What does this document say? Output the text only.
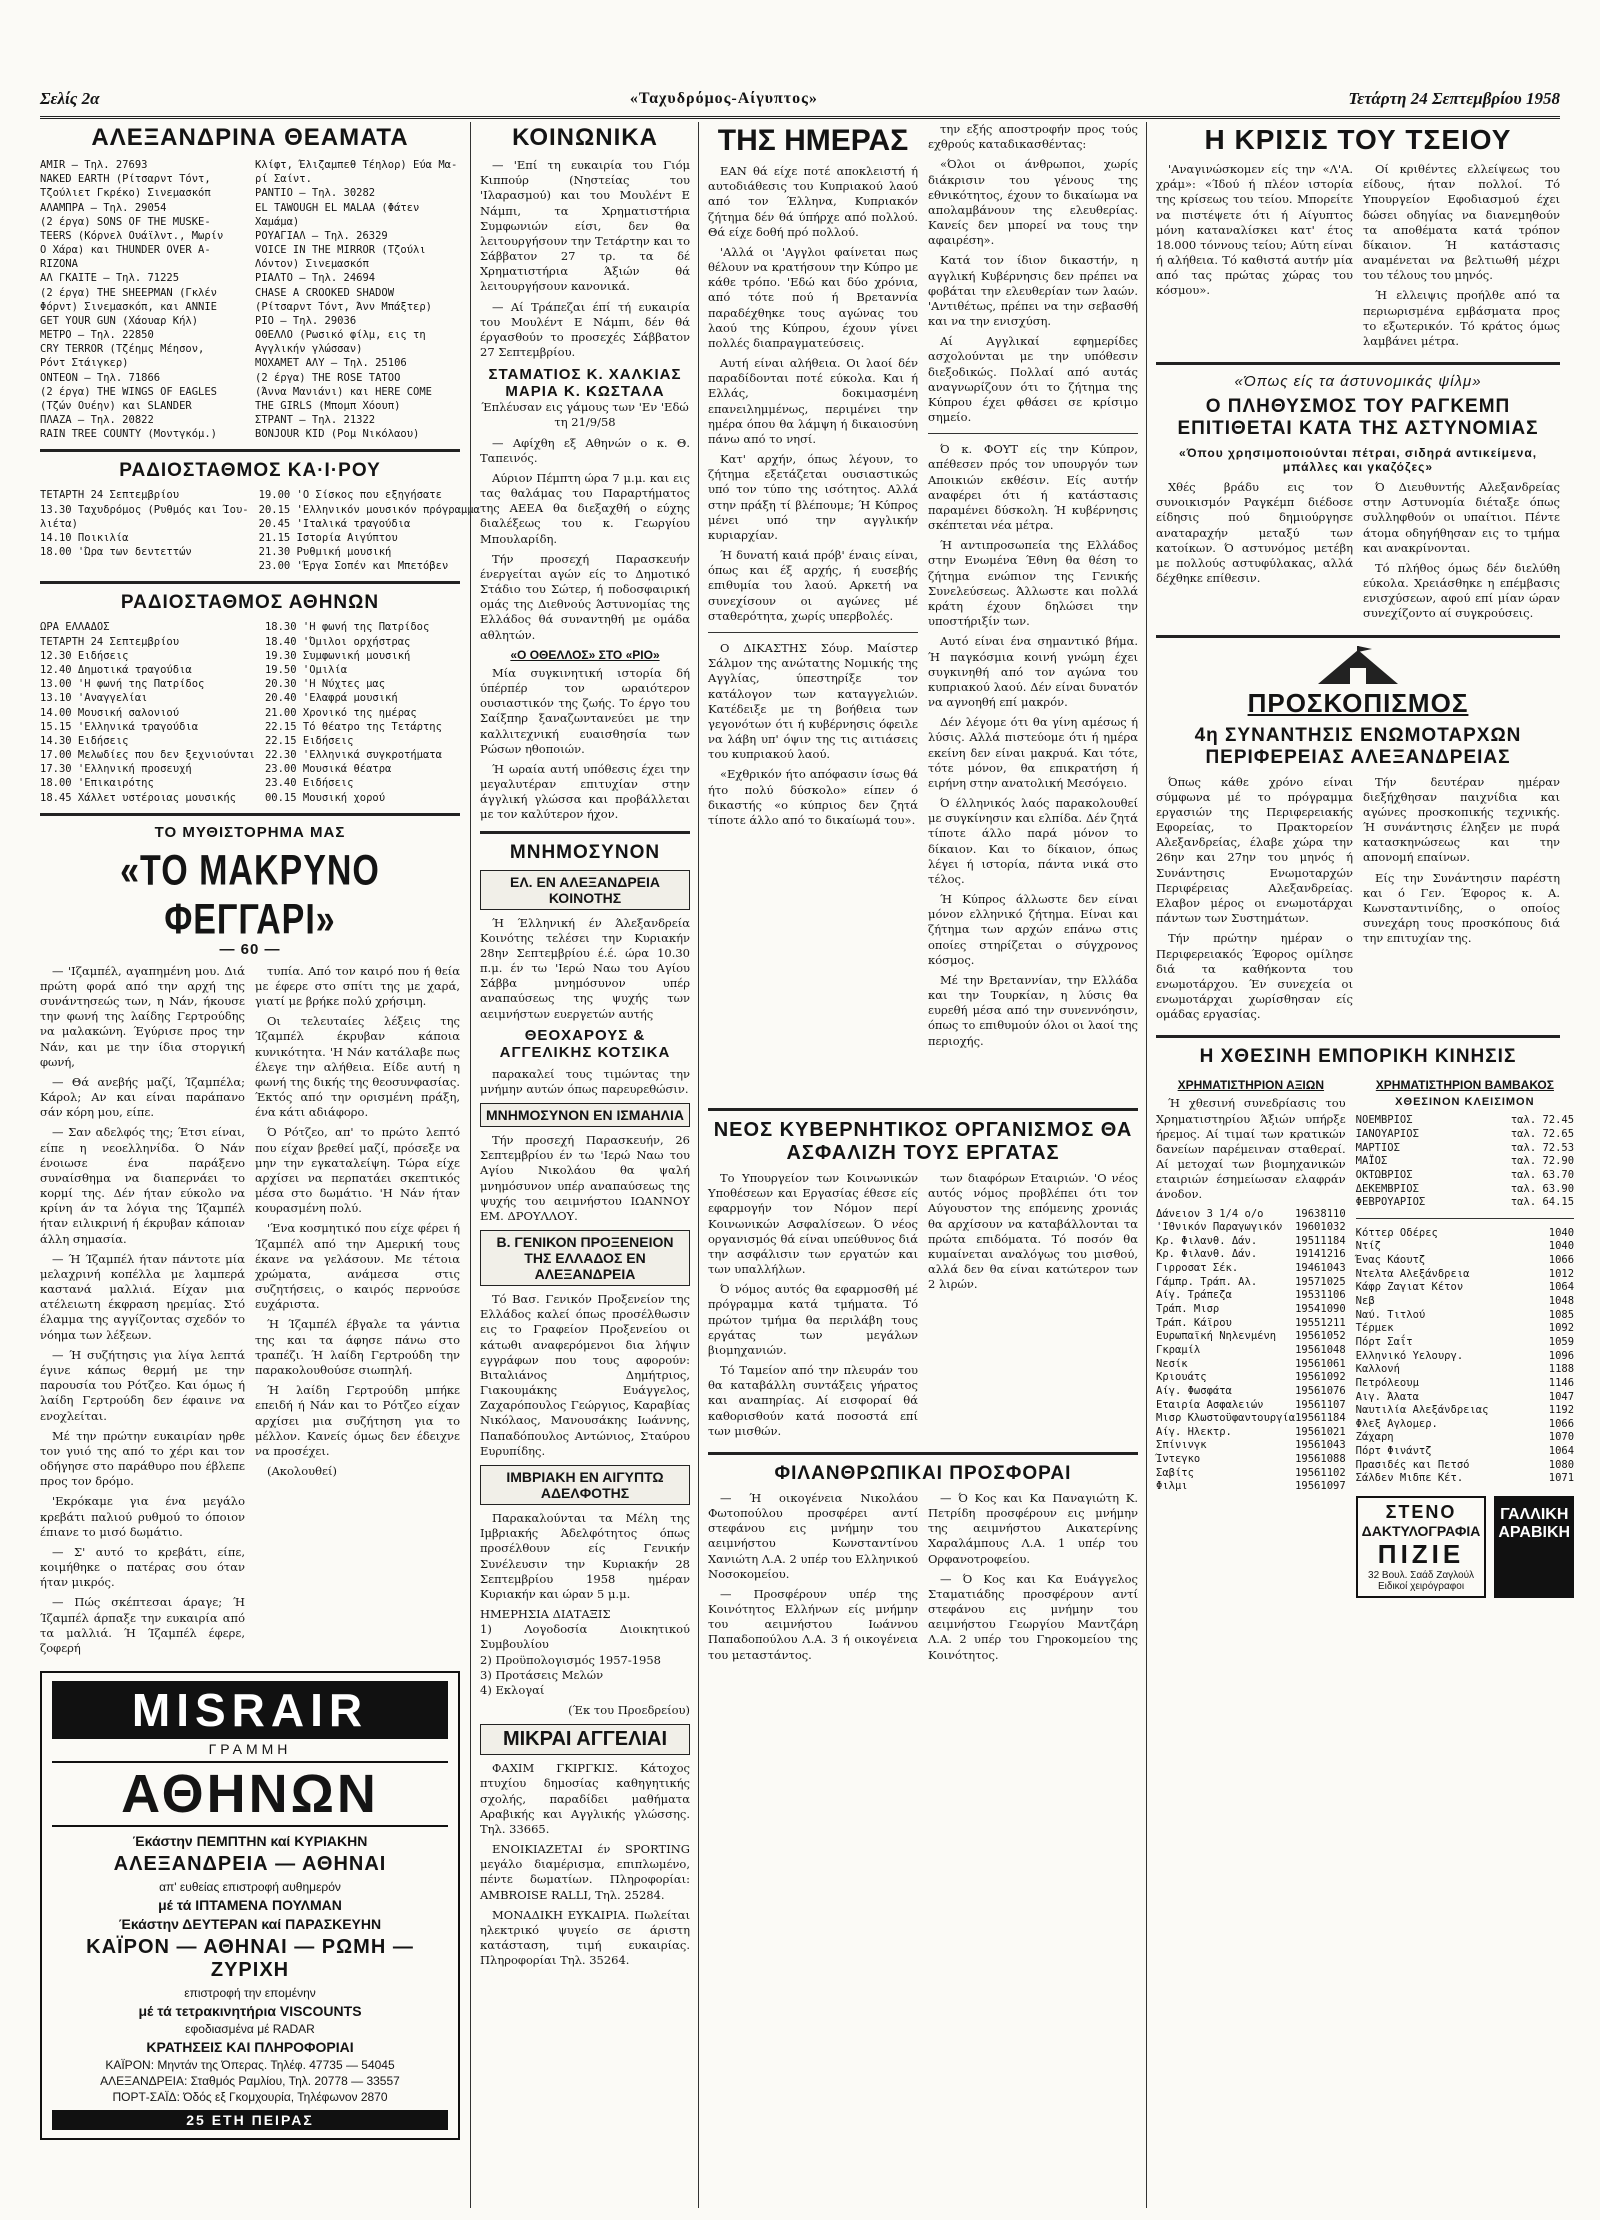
Σελίς 2α	«Ταχυδρόμος-Αίγυπτος»	Τετάρτη 24 Σεπτεμβρίου 1958
ΑΛΕΞΑΝΔΡΙΝΑ ΘΕΑΜΑΤΑ
AMIR — Τηλ. 27693
NAKED EARTH (Ρίτσαρντ Τόντ,
Τζούλιετ Γκρέκο) Σινεμασκόπ
ΑΛΑΜΠΡΑ — Τηλ. 29054
(2 έργα) SONS OF THE MUSKE-
TEERS (Κόρνελ Ουάϊλντ., Μωρίν
Ο Χάρα) και THUNDER OVER A-
RIZONA
ΑΛ ΓΚΑΙΤΕ — Τηλ. 71225
(2 έργα) THE SHEEPMAN (Γκλέν
Φόρντ) Σινεμασκόπ, και ANNIE
GET YOUR GUN (Χάουαρ Κήλ)
ΜΕΤΡΟ — Τηλ. 22850
CRY TERROR (Τζέημς Μέησον,
Ρόντ Στάιγκερ)
ΟΝΤΕΟΝ — Τηλ. 71866
(2 έργα) THE WINGS OF EAGLES
(Τζών Ουέην) και SLANDER
ΠΛΑΖΑ — Τηλ. 20822
RAIN TREE COUNTY (Μοντγκόμ.)
Κλίφτ, Έλιζαμπεθ Τέηλορ) Εύα Μα-
ρί Σαίντ.
ΡΑΝΤΙΟ — Τηλ. 30282
EL TAWOUGH EL MALAA (Φάτεν
Χαμάμα)
ΡΟΥΑΓΙΑΛ — Τηλ. 26329
VOICE IN THE MIRROR (Τζούλι
Λόντον) Σινεμασκόπ
ΡΙΑΛΤΟ — Τηλ. 24694
CHASE A CROOKED SHADOW
(Ρίτσαρντ Τόντ, Άνν Μπάξτερ)
ΡΙΟ — Τηλ. 29036
ΟΘΕΛΛΟ (Ρωσικό φίλμ, εις τη
Αγγλικήν γλώσσαν)
ΜΟΧΑΜΕΤ ΑΛΥ — Τηλ. 25106
(2 έργα) THE ROSE TATOO
(Άννα Μανιάνι) και HERE COME
THE GIRLS (Μπομπ Χόουπ)
ΣΤΡΑΝΤ — Τηλ. 21322
BONJOUR KID (Ρομ Νικόλαου)
ΡΑΔΙΟΣΤΑΘΜΟΣ ΚΑ·Ι·ΡΟΥ
ΤΕΤΑΡΤΗ 24 Σεπτεμβρίου
13.30 Ταχυδρόμος (Ρυθμός και Ίου-
λιέτα)
14.10 Ποικιλία
18.00 'Ώρα των δεντεττών
19.00 'Ο Σίσκος που εξηγήσατε
20.15 'Ελληνικόν μουσικόν πρόγραμμα
20.45 'Ιταλικά τραγούδια
21.15 Ιστορία Αιγύπτου
21.30 Ρυθμική μουσική
23.00 'Έργα Σοπέν και Μπετόβεν
ΡΑΔΙΟΣΤΑΘΜΟΣ ΑΘΗΝΩΝ
ΩΡΑ ΕΛΛΑΔΟΣ
ΤΕΤΑΡΤΗ 24 Σεπτεμβρίου
12.30 Ειδήσεις
12.40 Δημοτικά τραγούδια
13.00 'Η φωνή της Πατρίδος
13.10 'Αναγγελίαι
14.00 Μουσική σαλονιού
15.15 'Ελληνικά τραγούδια
14.30 Ειδήσεις
17.00 Μελωδίες που δεν ξεχνιούνται
17.30 'Ελληνική προσευχή
18.00 'Επικαιρότης
18.45 Χάλλετ υστέροιας μουσικής
18.30 'Η φωνή της Πατρίδος
18.40 'Όμιλοι ορχήστρας
19.30 Συμφωνική μουσική
19.50 'Ομιλία
20.30 'Η Νύχτες μας
20.40 'Ελαφρά μουσική
21.00 Χρονικό της ημέρας
22.15 Τό θέατρο της Τετάρτης
22.15 Ειδήσεις
22.30 'Ελληνικά συγκροτήματα
23.00 Μουσικά θέατρα
23.40 Ειδήσεις
00.15 Μουσική χορού
ΤΟ ΜΥΘΙΣΤΟΡΗΜΑ ΜΑΣ
«ΤΟ ΜΑΚΡΥΝΟ ΦΕΓΓΑΡΙ»
— 60 —

— 'Ιζαμπέλ, αγαπημένη μου. Διά πρώτη φορά από την αρχή της συνάντησεώς των, η Νάν, ήκουσε την φωνή της λαίδης Γερτρούδης να μαλακώνη. Έγύρισε προς την Νάν, και με την ίδια στοργική φωνή,

— Θά ανεβής μαζί, Ίζαμπέλα; Κάρολ; Αν και είναι παράπανο σάν κόρη μου, είπε.

— Σαν αδελφός της; Έτσι είναι, είπε η νεοελληνίδα. Ό Νάν ένοιωσε ένα παράξενο συναίσθημα να διαπερνάει το κορμί της. Δέν ήταν εύκολο να κρίνη άν τα λόγια της Ίζαμπέλ ήταν ειλικρινή ή έκρυβαν κάποιαν άλλη σημασία.

— Ή Ίζαμπέλ ήταν πάντοτε μία μελαχρινή κοπέλλα με λαμπερά καστανά μαλλιά. Είχαν μια ατέλειωτη έκφραση ηρεμίας. Στό έλαμμα της αγγίζοντας σχεδόν το νόημα των λέξεων.

— Ή συζήτησις για λίγα λεπτά έγινε κάπως θερμή με την παρουσία του Ρότζεο. Και όμως ή λαίδη Γερτρούδη δεν έφαινε να ενοχλείται.

Μέ την πρώτην ευκαιρίαν ηρθε τον γυιό της από το χέρι και τον οδήγησε στο παράθυρο που έβλεπε προς τον δρόμο.

'Εκρόκαμε για ένα μεγάλο κρεβάτι παλιού ρυθμού το όποιον έπιανε το μισό δωμάτιο.

— Σ' αυτό το κρεβάτι, είπε, κοιμήθηκε ο πατέρας σου όταν ήταν μικρός.

— Πώς σκέπτεσαι άραγε; Ή Ίζαμπέλ άρπαξε την ευκαιρία από τα μαλλιά. Ή Ίζαμπέλ έφερε, ζοφερή

τυπία. Από τον καιρό που ή θεία με έφερε στο σπίτι της με χαρά, γιατί με βρήκε πολύ χρήσιμη.

Οι τελευταίες λέξεις της Ίζαμπέλ έκρυβαν κάποια κυνικότητα. 'Η Νάν κατάλαβε πως έλεγε την αλήθεια. Είδε αυτή η φωνή της δικής της θεοσυνφασίας. Έκτός από την ορισμένη πράξη, ένα κάτι αδιάφορο.

Ό Ρότζεο, απ' το πρώτο λεπτό που είχαν βρεθεί μαζί, πρόσεξε να μην την εγκαταλείψη. Τώρα είχε αρχίσει να περπατάει σκεπτικός μέσα στο δωμάτιο. 'Η Νάν ήταν κουρασμένη πολύ.

'Ένα κοσμητικό που είχε φέρει ή Ίζαμπέλ από την Αμερική τους έκανε να γελάσουν. Με τέτοια χρώματα, ανάμεσα στις συζητήσεις, ο καιρός περνούσε ευχάριστα.

Ή Ίζαμπέλ έβγαλε τα γάντια της και τα άφησε πάνω στο τραπέζι. Ή λαίδη Γερτρούδη την παρακολουθούσε σιωπηλή.

Ή λαίδη Γερτρούδη μπήκε επειδή ή Νάν και το Ρότζεο είχαν αρχίσει μια συζήτηση για το μέλλον. Κανείς όμως δεν έδειχνε να προσέχει.

(Ακολουθεί)

MISRAIR
ΓΡΑΜΜΗ
ΑΘΗΝΩΝ
Έκάστην ΠΕΜΠΤΗΝ καί ΚΥΡΙΑΚΗΝ
ΑΛΕΞΑΝΔΡΕΙΑ — ΑΘΗΝΑΙ
απ' ευθείας επιστροφή αυθημερόν
μέ τά ΙΠΤΑΜΕΝΑ ΠΟΥΛΜΑΝ
Έκάστην ΔΕΥΤΕΡΑΝ καί ΠΑΡΑΣΚΕΥΗΝ
ΚΑΪΡΟΝ — ΑΘΗΝΑΙ — ΡΩΜΗ — ΖΥΡΙΧΗ
επιστροφή την επομένην
μέ τά τετρακινητήρια VISCOUNTS
εφοδιασμένα μέ RADAR
ΚΡΑΤΗΣΕΙΣ ΚΑΙ ΠΛΗΡΟΦΟΡΙΑΙ
ΚΑΪΡΟΝ: Μηντάν της Όπερας. Τηλέφ. 47735 — 54045
ΑΛΕΞΑΝΔΡΕΙΑ: Σταθμός Ραμλίου, Τηλ. 20778 — 33557
ΠΟΡΤ-ΣΑΪΔ: Όδός εξ Γκομχουρία, Τηλέφωνον 2870
25 ΕΤΗ ΠΕΙΡΑΣ
ΚΟΙΝΩΝΙΚΑ

— 'Επί τη ευκαιρία του Γιόμ Κιππούρ (Νηστείας του 'Ιλαρασμού) και του Μουλέντ Ε Νάμπι, τα Χρηματιστήρια Συμφωνιών είσι, δεν θα λειτουργήσουν την Τετάρτην και το Σάββατον 27 τρ. τα δέ Χρηματιστήρια Άξιών θά λειτουργήσουν κανονικά.

— Αί Τράπεζαι έπί τή ευκαιρία του Μουλέντ Ε Νάμπι, δέν θά έργασθούν το προσεχές Σάββατον 27 Σεπτεμβρίου.

ΣΤΑΜΑΤΙΟΣ Κ. ΧΑΛΚΙΑΣ
ΜΑΡΙΑ Κ. ΚΩΣΤΑΛΑ

Έπλέυσαν εις γάμους των 'Εν 'Εδώ τη 21/9/58

— Αφίχθη εξ Αθηνών ο κ. Θ. Ταπεινός.

Αύριον Πέμπτη ώρα 7 μ.μ. και εις τας θαλάμας του Παραρτήματος της ΑΕΕΑ θα διεξαχθή ο εύχης διαλέξεως του κ. Γεωργίου Μπουλαρίδη.

Τήν προσεχή Παρασκευήν ένεργείται αγών είς το Δημοτικό Στάδιο του Σώτερ, ή ποδοσφαιρική ομάς της Διεθνούς Άστυνομίας της Ελλάδος θά συναντηθή με ομάδα αθλητών.

«Ο ΟΘΕΛΛΟΣ» ΣΤΟ «ΡΙΟ»

Μία συγκινητική ιστορία δή ύπέρπέρ τον ωραιότερον ουσιαστικόν της ζωής. Το έργο του Σαίξπηρ ξαναζωντανεύει με την καλλιτεχνική ευαισθησία των Ρώσων ηθοποιών.

Ή ωραία αυτή υπόθεσις έχει την μεγαλυτέραν επιτυχίαν στην άγγλική γλώσσα και προβάλλεται με τον καλύτερον ήχον.

ΜΝΗΜΟΣΥΝΟΝ
ΕΛ. ΕΝ ΑΛΕΞΑΝΔΡΕΙΑ ΚΟΙΝΟΤΗΣ

Ή Έλληνική έν Άλεξανδρεία Κοινότης τελέσει την Κυριακήν 28ην Σεπτεμβρίου έ.έ. ώρα 10.30 π.μ. έν τω 'Ιερώ Ναω του Αγίου Σάββα μνημόσυνον υπέρ αναπαύσεως της ψυχής των αειμνήστων ευεργετών αυτής

ΘΕΟΧΑΡΟΥΣ & ΑΓΓΕΛΙΚΗΣ ΚΟΤΣΙΚΑ

παρακαλεί τους τιμώντας την μνήμην αυτών όπως παρευρεθώσιν.

ΜΝΗΜΟΣΥΝΟΝ ΕΝ ΙΣΜΑΗΛΙΑ

Τήν προσεχή Παρασκευήν, 26 Σεπτεμβρίου έν τω 'Ιερώ Ναω του Αγίου Νικολάου θα ψαλή μνημόσυνον υπέρ αναπαύσεως της ψυχής του αειμνήστου ΙΩΑΝΝΟΥ ΕΜ. ΔΡΟΥΛΛΟΥ.

Β. ΓΕΝΙΚΟΝ ΠΡΟΞΕΝΕΙΟΝ ΤΗΣ ΕΛΛΑΔΟΣ ΕΝ ΑΛΕΞΑΝΔΡΕΙΑ

Τό Βασ. Γενικόν Προξενείον της Ελλάδος καλεί όπως προσέλθωσιν εις το Γραφείον Προξενείου οι κάτωθι αναφερόμενοι δια λήψιν εγγράφων που τους αφορούν: Βιταλιάνος Δημήτριος, Γιακουμάκης Ευάγγελος, Ζαχαρόπουλος Γεώργιος, Καραβίας Νικόλαος, Μανουσάκης Ιωάννης, Παπαδόπουλος Αντώνιος, Σταύρου Ευρυπίδης.

ΙΜΒΡΙΑΚΗ ΕΝ ΑΙΓΥΠΤΩ ΑΔΕΛΦΟΤΗΣ

Παρακαλούνται τα Μέλη της Ιμβριακής Άδελφότητος όπως προσέλθουν είς Γενικήν Συνέλευσιν την Κυριακήν 28 Σεπτεμβρίου 1958 ημέραν Κυριακήν και ώραν 5 μ.μ.

ΗΜΕΡΗΣΙΑ ΔΙΑΤΑΞΙΣ
1) Λογοδοσία Διοικητικού Συμβουλίου
2) Προϋπολογισμός 1957-1958
3) Προτάσεις Μελών
4) Εκλογαί

(Έκ του Προεδρείου)

ΜΙΚΡΑΙ ΑΓΓΕΛΙΑΙ

ΦΑΧΙΜ ΓΚΙΡΓΚΙΣ. Κάτοχος πτυχίου δημοσίας καθηγητικής σχολής, παραδίδει μαθήματα Αραβικής και Αγγλικής γλώσσης. Τηλ. 33665.

ΕΝΟΙΚΙΑΖΕΤΑΙ έν SPORTING μεγάλο διαμέρισμα, επιπλωμένο, πέντε δωματίων. Πληροφορίαι: AMBROISE RALLI, Τηλ. 25284.

ΜΟΝΑΔΙΚΗ ΕΥΚΑΙΡΙΑ. Πωλείται ηλεκτρικό ψυγείο σε άριστη κατάσταση, τιμή ευκαιρίας. Πληροφορίαι Τηλ. 35264.

ΤΗΣ ΗΜΕΡΑΣ

ΕΑΝ θά είχε ποτέ αποκλειστή ή αυτοδιάθεσις του Κυπριακού λαού από τον Έλληνα, Κυπριακόν ζήτημα δέν θά ύπήρχε από πολλού. Θά είχε δοθή πρό πολλού.

'Αλλά οι 'Αγγλοι φαίνεται πως θέλουν να κρατήσουν την Κύπρο με κάθε τρόπο. 'Εδώ και δύο χρόνια, από τότε πού ή Βρεταννία παραδέχθηκε τους αγώνας του λαού της Κύπρου, έχουν γίνει πολλές διαπραγματεύσεις.

Αυτή είναι αλήθεια. Οι λαοί δέν παραδίδονται ποτέ εύκολα. Και ή Ελλάς, δοκιμασμένη επανειλημμένως, περιμένει την ημέρα όπου θα λάμψη ή δικαιοσύνη πάνω από το νησί.

Κατ' αρχήν, όπως λέγουν, το ζήτημα εξετάζεται ουσιαστικώς υπό τον τύπο της ισότητος. Αλλά στην πράξη τί βλέπουμε; Ή Κύπρος μένει υπό την αγγλικήν κυριαρχίαν.

Ή δυνατή καιά πρόβ' έναις είναι, όπως και έξ αρχής, ή ευσεβής επιθυμία του λαού. Αρκετή να συνεχίσουν οι αγώνες μέ σταθερότητα, χωρίς υπερβολές.

Ο ΔΙΚΑΣΤΗΣ Σόυρ. Μαίστερ Σάλμον της ανώτατης Νομικής της Αγγλίας, ύπεστηρίξε τον κατάλογον των καταγγελιών. Κατέδειξε με τη βοήθεια των γεγονότων ότι ή κυβέρνησις όφειλε να λάβη υπ' όψιν της τις αιτιάσεις του κυπριακού λαού.

«Εχθρικόν ήτο απόφασιν ίσως θά ήτο πολύ δύσκολο» είπεν ό δικαστής «ο κύπριος δεν ζητά τίποτε άλλο από το δικαίωμά του».

την εξής αποστροφήν προς τούς εχθρούς καταδικασθέντας:

«Όλοι οι άνθρωποι, χωρίς διάκρισιν του γένους της εθνικότητος, έχουν το δικαίωμα να απολαμβάνουν της ελευθερίας. Κανείς δεν μπορεί να τους την αφαιρέση».

Κατά τον ίδιον δικαστήν, η αγγλική Κυβέρνησις δεν πρέπει να φοβάται την ελευθερίαν των λαών. 'Αντιθέτως, πρέπει να την σεβασθή και να την ενισχύση.

Αί Αγγλικαί εφημερίδες ασχολούνται με την υπόθεσιν διεξοδικώς. Πολλαί από αυτάς αναγνωρίζουν ότι το ζήτημα της Κύπρου έχει φθάσει σε κρίσιμο σημείο.

Ό κ. ΦΟΥΤ είς την Κύπρον, απέθεσεν πρός τον υπουργόν των Αποικιών εκθέσιν. Είς αυτήν αναφέρει ότι ή κατάστασις παραμένει δύσκολη. Ή κυβέρνησις σκέπτεται νέα μέτρα.

Ή αντιπροσωπεία της Ελλάδος στην Ενωμένα Έθνη θα θέση το ζήτημα ενώπιον της Γενικής Συνελεύσεως. Άλλωστε και πολλά κράτη έχουν δηλώσει την υποστήριξίν των.

Αυτό είναι ένα σημαντικό βήμα. Ή παγκόσμια κοινή γνώμη έχει συγκινηθή από τον αγώνα του κυπριακού λαού. Δέν είναι δυνατόν να αγνοηθή επί μακρόν.

Δέν λέγομε ότι θα γίνη αμέσως ή λύσις. Αλλά πιστεύομε ότι ή ημέρα εκείνη δεν είναι μακρυά. Και τότε, τότε μόνον, θα επικρατήση ή ειρήνη στην ανατολική Μεσόγειο.

Ό έλληνικός λαός παρακολουθεί με συγκίνησιν και ελπίδα. Δέν ζητά τίποτε άλλο παρά μόνον το δίκαιον. Και το δίκαιον, όπως λέγει ή ιστορία, πάντα νικά στο τέλος.

Ή Κύπρος άλλωστε δεν είναι μόνον ελληνικό ζήτημα. Είναι και ζήτημα των αρχών επάνω στις οποίες στηρίζεται ο σύγχρονος κόσμος.

Μέ την Βρεταννίαν, την Ελλάδα και την Τουρκίαν, η λύσις θα ευρεθή μέσα από την συνεννόησιν, όπως το επιθυμούν όλοι οι λαοί της περιοχής.

ΝΕΟΣ ΚΥΒΕΡΝΗΤΙΚΟΣ ΟΡΓΑΝΙΣΜΟΣ ΘΑ ΑΣΦΑΛΙΖΗ ΤΟΥΣ ΕΡΓΑΤΑΣ

Το Υπουργείον των Κοινωνικών Υποθέσεων και Εργασίας έθεσε είς εφαρμογήν τον Νόμον περί Κοινωνικών Ασφαλίσεων. Ό νέος οργανισμός θά είναι υπεύθυνος διά την ασφάλισιν των εργατών και των υπαλλήλων.

Ό νόμος αυτός θα εφαρμοσθή μέ πρόγραμμα κατά τμήματα. Τό πρώτον τμήμα θα περιλάβη τους εργάτας των μεγάλων βιομηχανιών.

Τό Ταμείον από την πλευράν του θα καταβάλλη συντάξεις γήρατος και αναπηρίας. Αί εισφοραί θά καθορισθούν κατά ποσοστά επί των μισθών.

των διαφόρων Εταιριών. 'Ο νέος αυτός νόμος προβλέπει ότι τον Αύγουστον της επόμενης χρονιάς θα αρχίσουν να καταβάλλονται τα πρώτα επιδόματα. Τό ποσόν θα κυμαίνεται αναλόγως του μισθού, αλλά δεν θα είναι κατώτερον των 2 λιρών.

ΦΙΛΑΝΘΡΩΠΙΚΑΙ ΠΡΟΣΦΟΡΑΙ

— Ή οικογένεια Νικολάου Φωτοπούλου προσφέρει αντί στεφάνου εις μνήμην του αειμνήστου Κωνσταντίνου Χανιώτη Λ.Α. 2 υπέρ του Ελληνικού Νοσοκομείου.

— Προσφέρουν υπέρ της Κοινότητος Ελλήνων είς μνήμην του αειμνήστου Ιωάννου Παπαδοπούλου Λ.Α. 3 ή οικογένεια του μεταστάντος.

— Ό Κος και Κα Παναγιώτη Κ. Πετρίδη προσφέρουν εις μνήμην της αειμνήστου Αικατερίνης Χαραλάμπους Λ.Α. 1 υπέρ του Ορφανοτροφείου.

— Ό Κος και Κα Ευάγγελος Σταματιάδης προσφέρουν αντί στεφάνου εις μνήμην του αειμνήστου Γεωργίου Μαντζάρη Λ.Α. 2 υπέρ του Γηροκομείου της Κοινότητος.

Η ΚΡΙΣΙΣ ΤΟΥ ΤΣΕΙΟΥ

'Αναγινώσκομεν είς την «Λ'Α. χράμ»: «Ίδού ή πλέον ιστορία της κρίσεως του τείου. Μπορείτε να πιστέψετε ότι ή Αίγυπτος μόνη καταναλίσκει κατ' έτος 18.000 τόννους τείου; Αύτη είναι ή αλήθεια. Τό καθιστά αυτήν μία από τας πρώτας χώρας του κόσμου».

Οί κριθέντες ελλείψεως του είδους, ήταν πολλοί. Τό Υπουργείον Εφοδιασμού έχει δώσει οδηγίας να διανεμηθούν τα αποθέματα κατά τρόπον δίκαιον. Ή κατάστασις αναμένεται να βελτιωθή μέχρι του τέλους του μηνός.

Ή ελλειψις προήλθε από τα περιωρισμένα εμβάσματα προς το εξωτερικόν. Τό κράτος όμως λαμβάνει μέτρα.

«Όπως είς τα άστυνομικάς ψίλμ»
Ο ΠΛΗΘΥΣΜΟΣ ΤΟΥ ΡΑΓΚΕΜΠ ΕΠΙΤΙΘΕΤΑΙ ΚΑΤΑ ΤΗΣ ΑΣΤΥΝΟΜΙΑΣ
«Όπου χρησιμοποιούνται πέτραι, σιδηρά αντικείμενα, μπάλλες και γκαζόζες»

Χθές βράδυ εις τον συνοικισμόν Ραγκέμπ διέδοσε είδησις πού δημιούργησε αναταραχήν μεταξύ των κατοίκων. Ό αστυνόμος μετέβη με πολλούς αστυφύλακας, αλλά δέχθηκε επίθεσιν.

Ό Διευθυντής Αλεξανδρείας στην Αστυνομία διέταξε όπως συλληφθούν οι υπαίτιοι. Πέντε άτομα οδηγήθησαν εις το τμήμα και ανακρίνονται.

Τό πλήθος όμως δέν διελύθη εύκολα. Χρειάσθηκε η επέμβασις ενισχύσεων, αφού επί μίαν ώραν συνεχίζοντο αί συγκρούσεις.

ΠΡΟΣΚΟΠΙΣΜΟΣ
4η ΣΥΝΑΝΤΗΣΙΣ ΕΝΩΜΟΤΑΡΧΩΝ ΠΕΡΙΦΕΡΕΙΑΣ ΑΛΕΞΑΝΔΡΕΙΑΣ

Όπως κάθε χρόνο είναι σύμφωνα μέ το πρόγραμμα εργασιών της Περιφερειακής Εφορείας, το Πρακτορείον Αλεξανδρείας, έλαβε χώρα την 26ην και 27ην του μηνός ή Συνάντησις Ενωμοταρχών Περιφέρειας Αλεξανδρείας. Ελαβον μέρος οι ενωμοτάρχαι πάντων των Συστημάτων.

Τήν πρώτην ημέραν ο Περιφερειακός Έφορος ομίλησε διά τα καθήκοντα του ενωμοτάρχου. Έν συνεχεία οι ενωμοτάρχαι χωρίσθησαν είς ομάδας εργασίας.

Τήν δευτέραν ημέραν διεξήχθησαν παιχνίδια και αγώνες προσκοπικής τεχνικής. Ή συνάντησις έληξεν με πυρά κατασκηνώσεως και την απονομή επαίνων.

Είς την Συνάντησιν παρέστη και ό Γεν. Έφορος κ. Α. Κωνσταντινίδης, ο οποίος συνεχάρη τους προσκόπους διά την επιτυχίαν της.

Η ΧΘΕΣΙΝΗ ΕΜΠΟΡΙΚΗ ΚΙΝΗΣΙΣ
ΧΡΗΜΑΤΙΣΤΗΡΙΟΝ ΑΞΙΩΝ

Ή χθεσινή συνεδρίασις του Χρηματιστηρίου Άξιών υπήρξε ήρεμος. Αί τιμαί των κρατικών δανείων παρέμειναν σταθεραί. Αί μετοχαί των βιομηχανικών εταιριών έσημείωσαν ελαφράν άνοδον.

Δάνειον 3 1/4 ο/ο	1963 8110
'Ιθνικόν Παραγωγικόν	1960 1032
Κρ. Φιλανθ. Δάν.	1951 1184
Κρ. Φιλανθ. Δάν.	1914 1216
Γιρροσατ Σέκ.	1946 1043
Γάμπρ. Τράπ. Αλ.	1957 1025
Αίγ. Τράπεζα	1953 1106
Τράπ. Μισρ	1954 1090
Τράπ. Κάϊρου	1955 1211
Ευρωπαϊκή Νηλενμένη	1956 1052
Γκραμίλ	1956 1048
Νεσίκ	1956 1061
Κριουάτς	1956 1092
Αίγ. Φωσφάτα	1956 1076
Εταιρία Ασφαλειών	1956 1107
Μισρ Κλωστοϋφαντουργία 1956 1184
Αίγ. Ηλεκτρ.	1956 1021
Σπίνινγκ	1956 1043
Ίντεγκο	1956 1088
Σαβίτς	1956 1102
Φιλμι	1956 1097
ΧΡΗΜΑΤΙΣΤΗΡΙΟΝ ΒΑΜΒΑΚΟΣ
ΧΘΕΣΙΝΟΝ ΚΛΕΙΣΙΜΟΝ
ΝΟΕΜΒΡΙΟΣ	ταλ. 72.45
ΙΑΝΟΥΑΡΙΟΣ	ταλ. 72.65
ΜΑΡΤΙΟΣ	ταλ. 72.53
ΜΑΪΟΣ	ταλ. 72.90
ΟΚΤΩΒΡΙΟΣ	ταλ. 63.70
ΔΕΚΕΜΒΡΙΟΣ	ταλ. 63.90
ΦΕΒΡΟΥΑΡΙΟΣ	ταλ. 64.15
Κόττερ Οδέρες	1040
Ντίζ	1040
Ένας Κάουτζ	1066
Ντελτα Αλεξάνδρεια	1012
Κάφρ Ζαγιατ Κέτον	1064
Νεβ	1048
Ναύ. Τιτλού	1085
Τέρμεκ	1092
Πόρτ Σαΐτ	1059
Ελληνικό Υελουργ.	1096
Καλλονή	1188
Πετρόλεουμ	1146
Αιγ. Άλατα	1047
Ναυτιλία Αλεξάνδρειας	1192
Φλεξ Αγλομερ.	1066
Ζάχαρη	1070
Πόρτ Φινάντζ	1064
Πρασιδές και Πετσό	1080
Σάλδεν Μιδπε Κέτ.	1071
ΣΤΕΝΟ
ΔΑΚΤΥΛΟΓΡΑΦΙΑ
ΠΙΖΙΕ
32 Βουλ. Σαάδ Ζαγλούλ
Ειδικοί χειρόγραφοι
ΓΑΛΛΙΚΗ
ΑΡΑΒΙΚΗ
